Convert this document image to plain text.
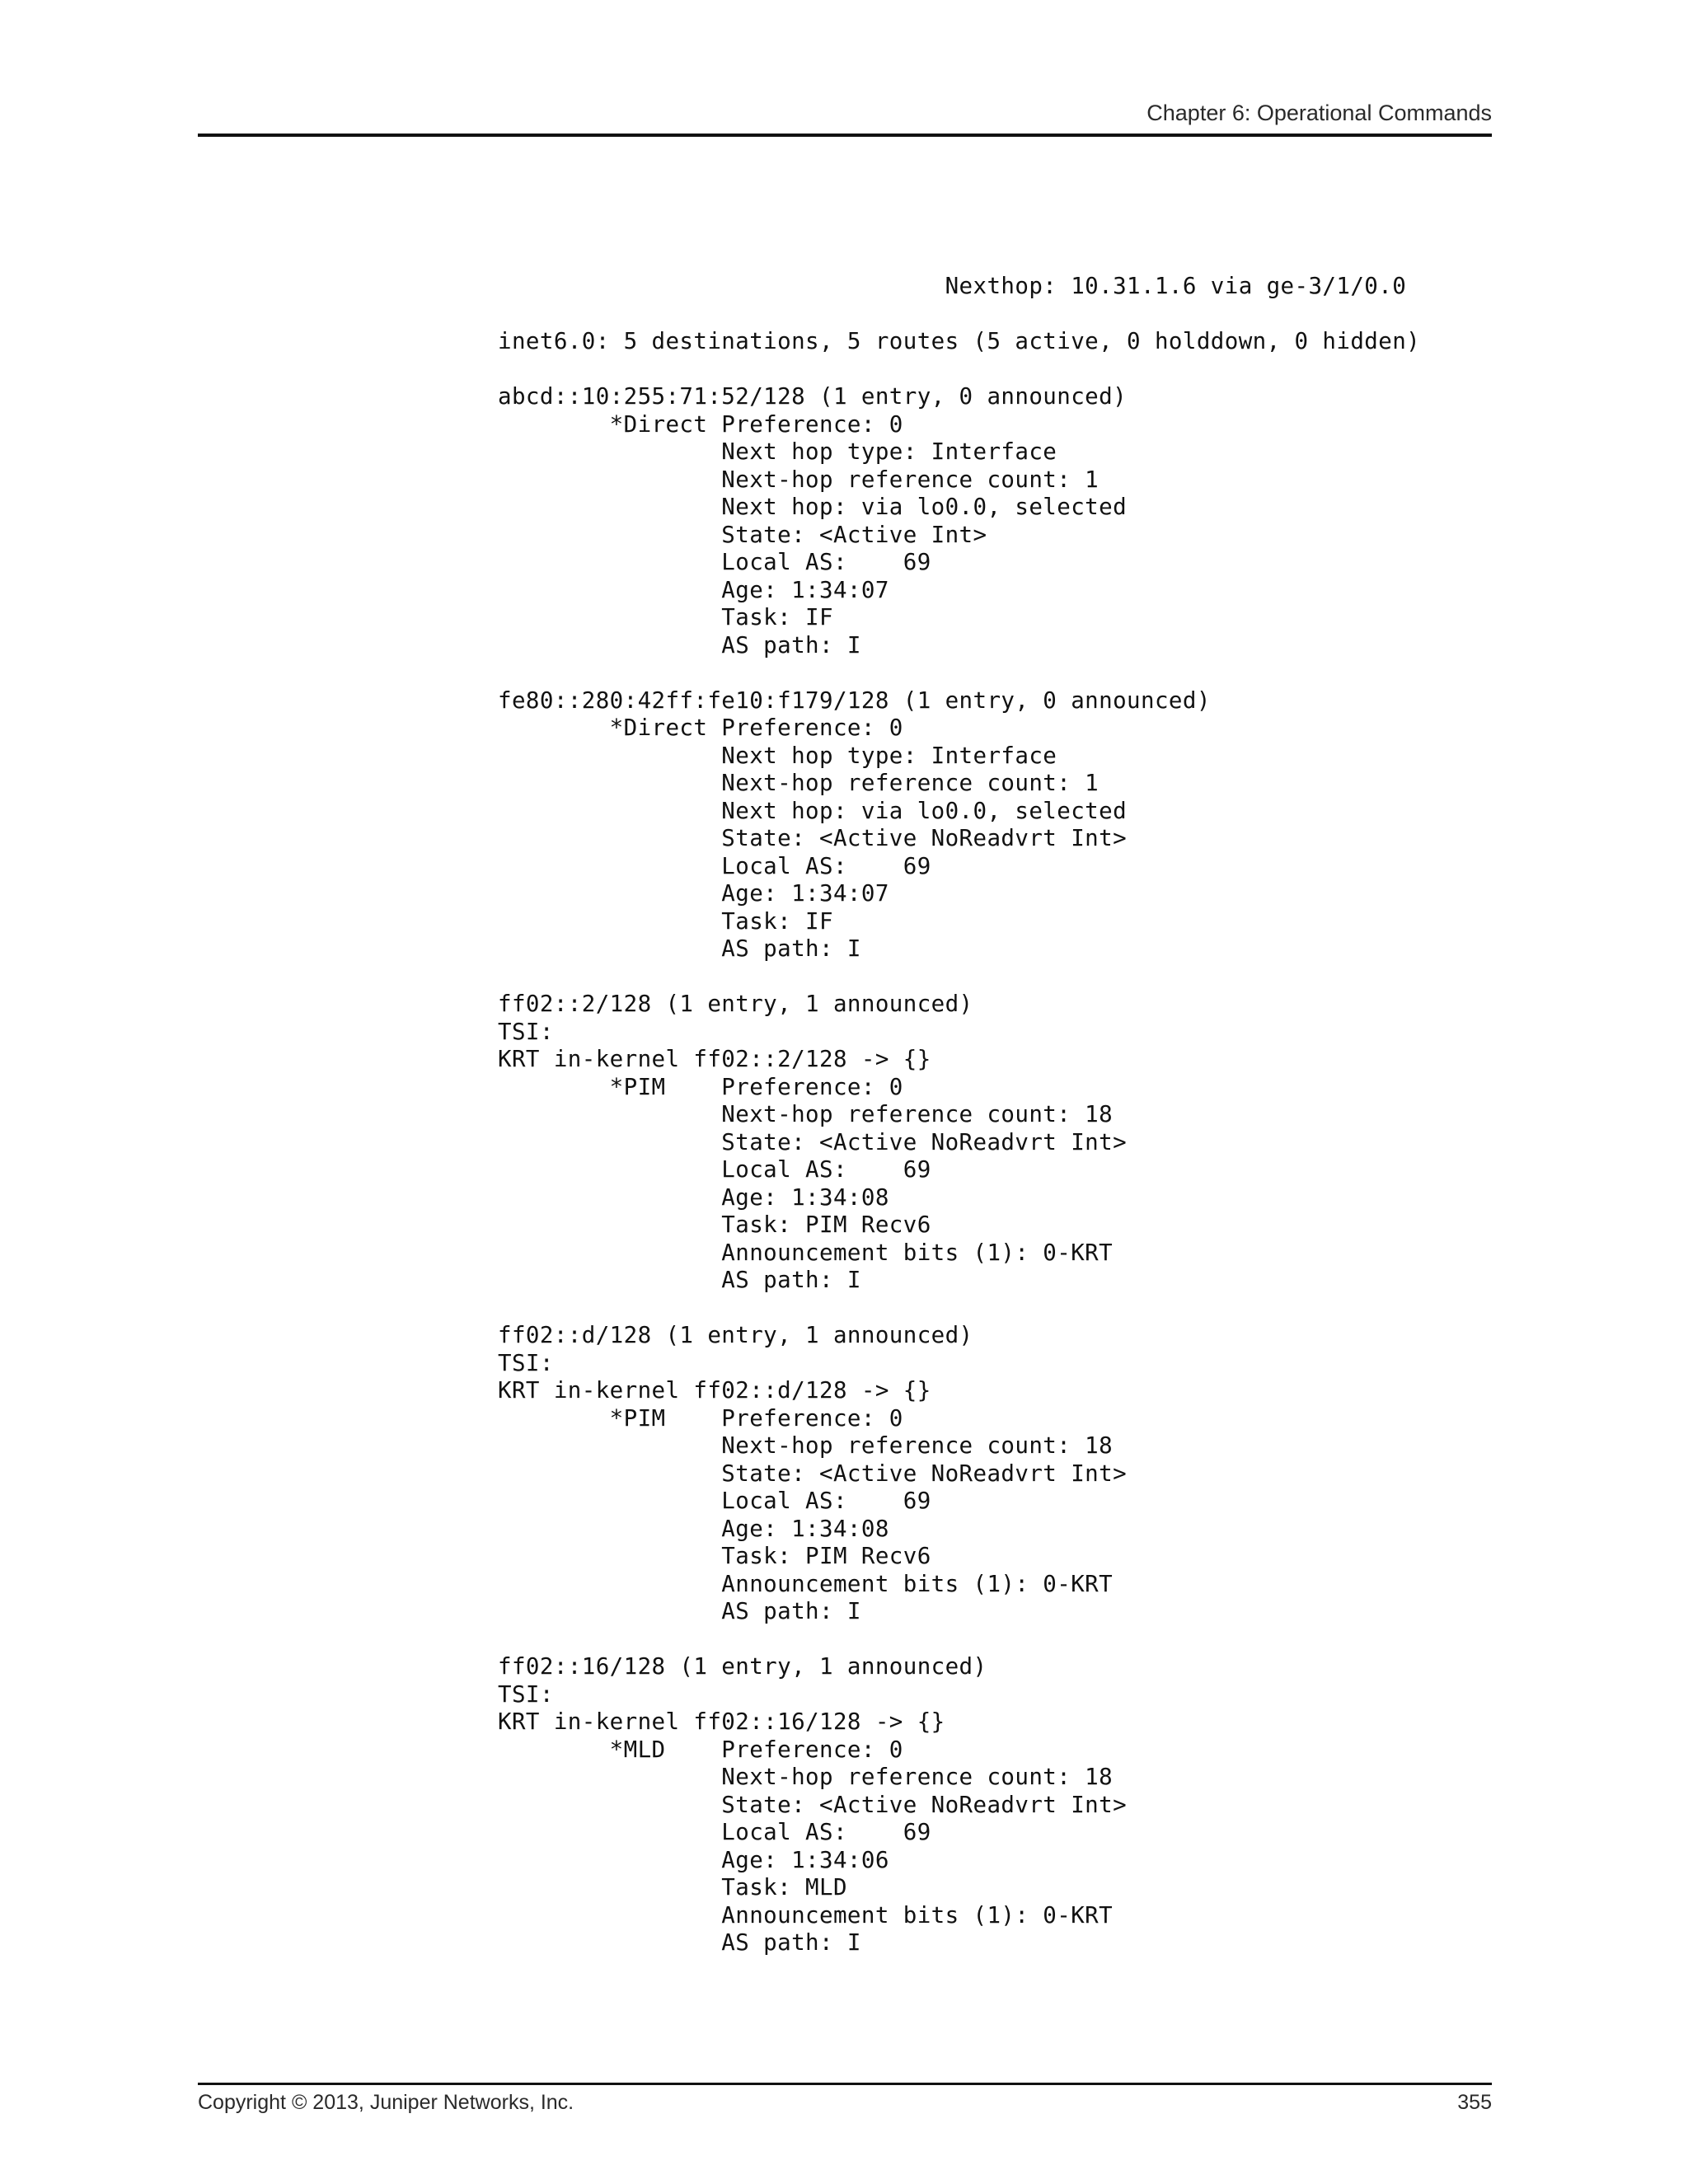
Chapter 6: Operational Commands
Nexthop: 10.31.1.6 via ge-3/1/0.0
inet6.0: 5 destinations, 5 routes (5 active, 0 holddown, 0 hidden)
abcd::10:255:71:52/128 (1 entry, 0 announced)
*Direct Preference: 0
Next hop type: Interface
Next-hop reference count: 1
Next hop: via lo0.0, selected
State: <Active Int>
Local AS:    69
Age: 1:34:07
Task: IF
AS path: I
fe80::280:42ff:fe10:f179/128 (1 entry, 0 announced)
*Direct Preference: 0
Next hop type: Interface
Next-hop reference count: 1
Next hop: via lo0.0, selected
State: <Active NoReadvrt Int>
Local AS:    69
Age: 1:34:07
Task: IF
AS path: I
ff02::2/128 (1 entry, 1 announced)
TSI:
KRT in-kernel ff02::2/128 -> {}
*PIM    Preference: 0
Next-hop reference count: 18
State: <Active NoReadvrt Int>
Local AS:    69
Age: 1:34:08
Task: PIM Recv6
Announcement bits (1): 0-KRT
AS path: I
ff02::d/128 (1 entry, 1 announced)
TSI:
KRT in-kernel ff02::d/128 -> {}
*PIM    Preference: 0
Next-hop reference count: 18
State: <Active NoReadvrt Int>
Local AS:    69
Age: 1:34:08
Task: PIM Recv6
Announcement bits (1): 0-KRT
AS path: I
ff02::16/128 (1 entry, 1 announced)
TSI:
KRT in-kernel ff02::16/128 -> {}
*MLD    Preference: 0
Next-hop reference count: 18
State: <Active NoReadvrt Int>
Local AS:    69
Age: 1:34:06
Task: MLD
Announcement bits (1): 0-KRT
AS path: I
Copyright © 2013, Juniper Networks, Inc.	355
